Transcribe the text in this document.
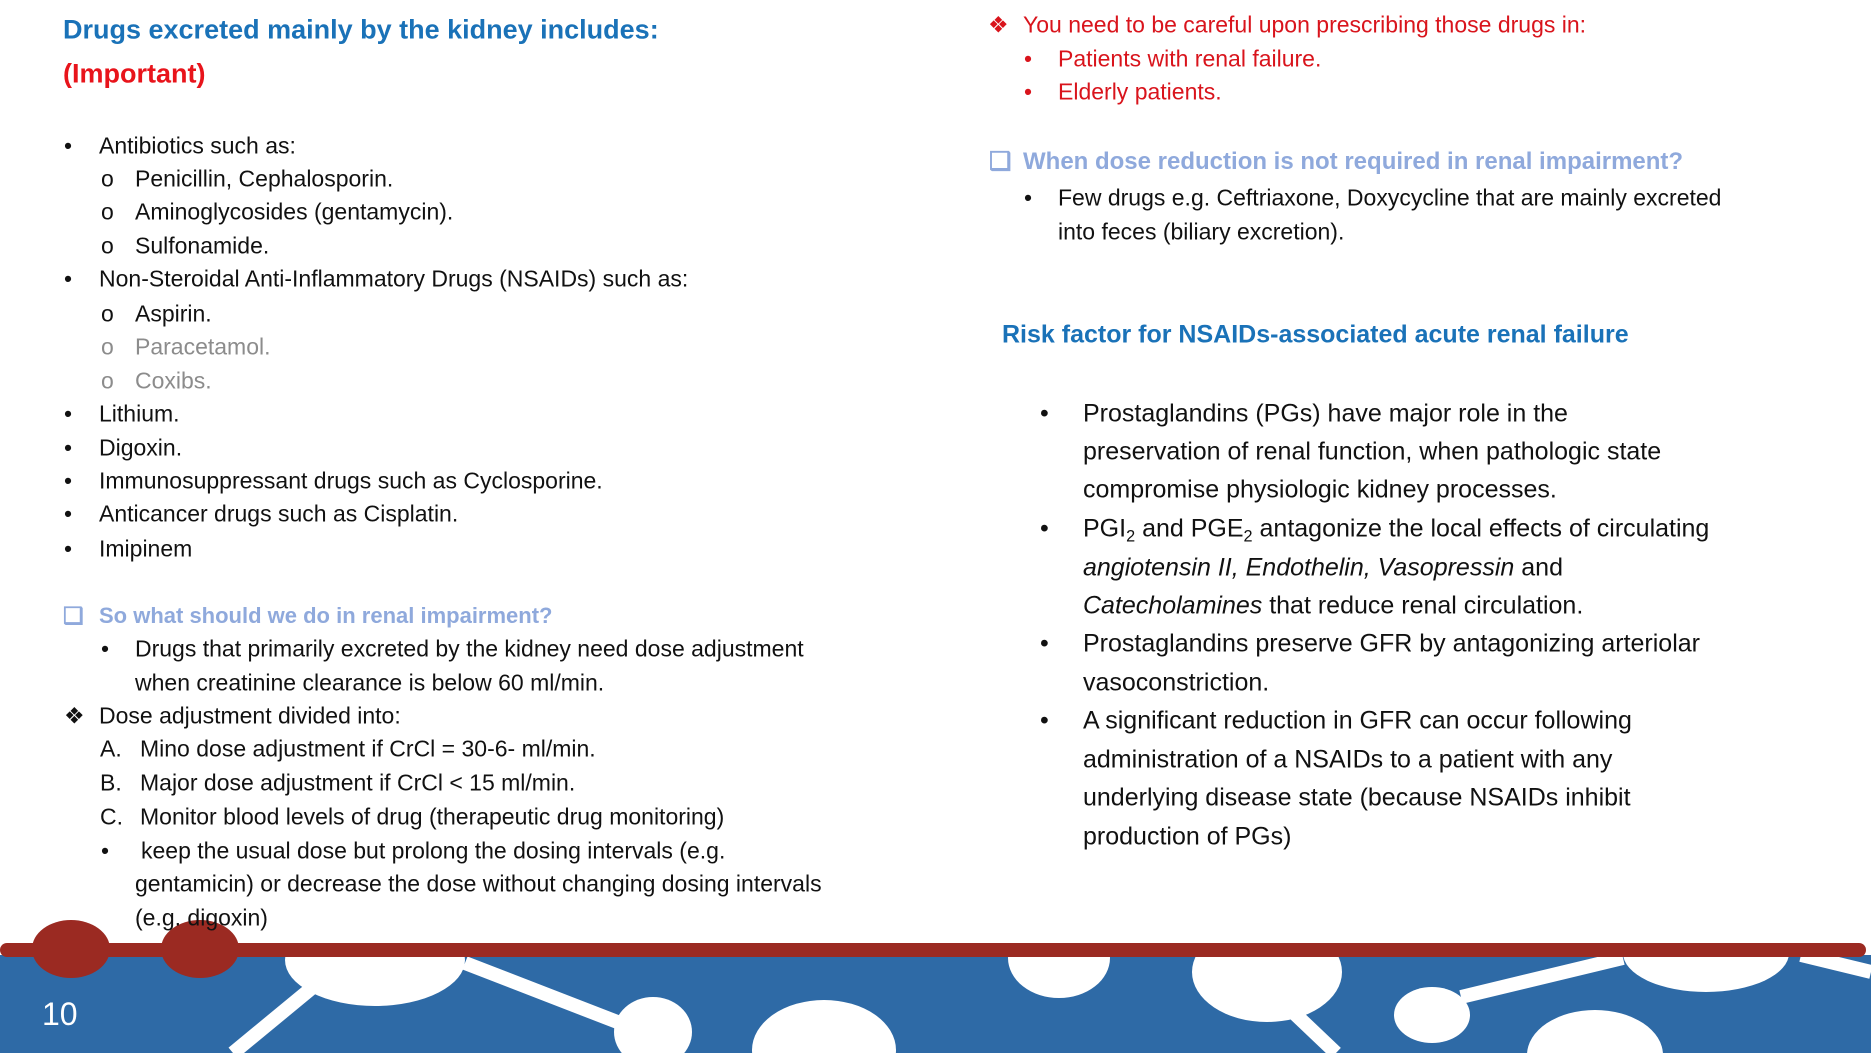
10
Drugs excreted mainly by the kidney includes:
(Important)
• Antibiotics such as:
o Penicillin, Cephalosporin.
o Aminoglycosides (gentamycin).
o Sulfonamide.
• Non-Steroidal Anti-Inflammatory Drugs (NSAIDs) such as:
o Aspirin.
o Paracetamol.
o Coxibs.
• Lithium.
• Digoxin.
• Immunosuppressant drugs such as Cyclosporine.
• Anticancer drugs such as Cisplatin.
• Imipinem
❑ So what should we do in renal impairment?
• Drugs that primarily excreted by the kidney need dose adjustment
when creatinine clearance is below 60 ml/min.
❖ Dose adjustment divided into:
A. Mino dose adjustment if CrCl = 30-6- ml/min.
B. Major dose adjustment if CrCl < 15 ml/min.
C. Monitor blood levels of drug (therapeutic drug monitoring)
• keep the usual dose but prolong the dosing intervals (e.g.
gentamicin) or decrease the dose without changing dosing intervals
(e.g. digoxin)
❖ You need to be careful upon prescribing those drugs in:
• Patients with renal failure.
• Elderly patients.
❑ When dose reduction is not required in renal impairment?
• Few drugs e.g. Ceftriaxone, Doxycycline that are mainly excreted
into feces (biliary excretion).
Risk factor for NSAIDs-associated acute renal failure
• Prostaglandins (PGs) have major role in the
preservation of renal function, when pathologic state
compromise physiologic kidney processes.
• $PGI_2$ and $PGE_2$ antagonize the local effects of circulating
angiotensin II, Endothelin, Vasopressin and
Catecholamines that reduce renal circulation.
• Prostaglandins preserve GFR by antagonizing arteriolar
vasoconstriction.
• A significant reduction in GFR can occur following
administration of a NSAIDs to a patient with any
underlying disease state (because NSAIDs inhibit
production of PGs)
